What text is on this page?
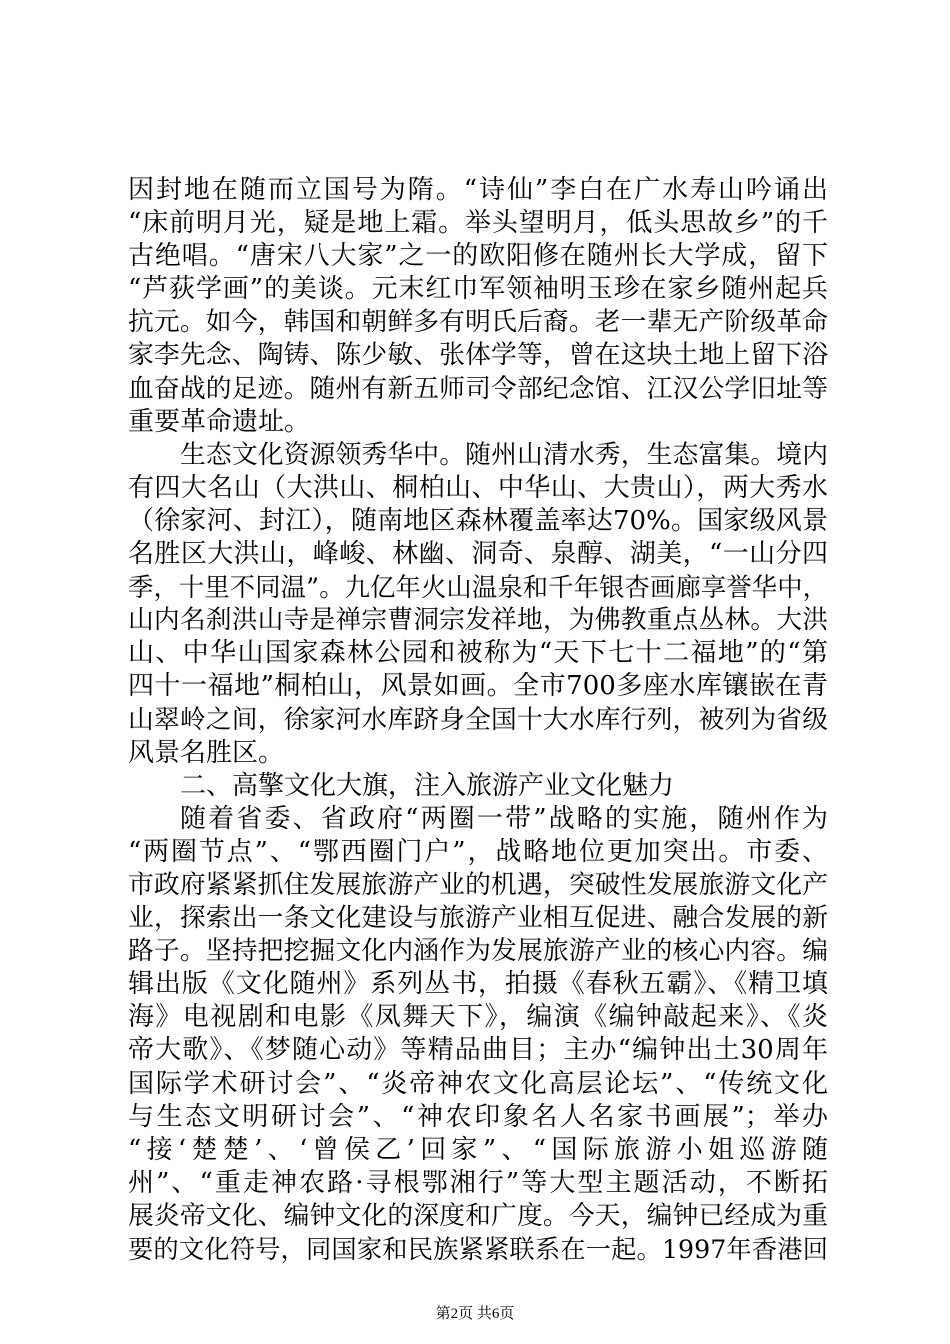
因封地在随而立国号为隋。“诗仙”李白在广水寿山吟诵出
“床前明月光，疑是地上霜。举头望明月，低头思故乡”的千
古绝唱。“唐宋八大家”之一的欧阳修在随州长大学成，留下
“芦荻学画”的美谈。元末红巾军领袖明玉珍在家乡随州起兵
抗元。如今，韩国和朝鲜多有明氏后裔。老一辈无产阶级革命
家李先念、陶铸、陈少敏、张体学等，曾在这块土地上留下浴
血奋战的足迹。随州有新五师司令部纪念馆、江汉公学旧址等
重要革命遗址。
生态文化资源领秀华中。随州山清水秀，生态富集。境内
有四大名山（大洪山、桐柏山、中华山、大贵山），两大秀水
（徐家河、封江），随南地区森林覆盖率达70%。国家级风景
名胜区大洪山，峰峻、林幽、洞奇、泉醇、湖美，“一山分四
季，十里不同温”。九亿年火山温泉和千年银杏画廊享誉华中，
山内名刹洪山寺是禅宗曹洞宗发祥地，为佛教重点丛林。大洪
山、中华山国家森林公园和被称为“天下七十二福地”的“第
四十一福地”桐柏山，风景如画。全市700多座水库镶嵌在青
山翠岭之间，徐家河水库跻身全国十大水库行列，被列为省级
风景名胜区。
二、高擎文化大旗，注入旅游产业文化魅力
随着省委、省政府“两圈一带”战略的实施，随州作为
“两圈节点”、“鄂西圈门户”，战略地位更加突出。市委、
市政府紧紧抓住发展旅游产业的机遇，突破性发展旅游文化产
业，探索出一条文化建设与旅游产业相互促进、融合发展的新
路子。坚持把挖掘文化内涵作为发展旅游产业的核心内容。编
辑出版《文化随州》系列丛书，拍摄《春秋五霸》、《精卫填
海》电视剧和电影《凤舞天下》，编演《编钟敲起来》、《炎
帝大歌》、《梦随心动》等精品曲目；主办“编钟出土30周年
国际学术研讨会”、“炎帝神农文化高层论坛”、“传统文化
与生态文明研讨会”、“神农印象名人名家书画展”；举办
“接‘楚楚’、‘曾侯乙’回家”、“国际旅游小姐巡游随
州”、“重走神农路·寻根鄂湘行”等大型主题活动，不断拓
展炎帝文化、编钟文化的深度和广度。今天，编钟已经成为重
要的文化符号，同国家和民族紧紧联系在一起。1997年香港回
第2页 共6页
